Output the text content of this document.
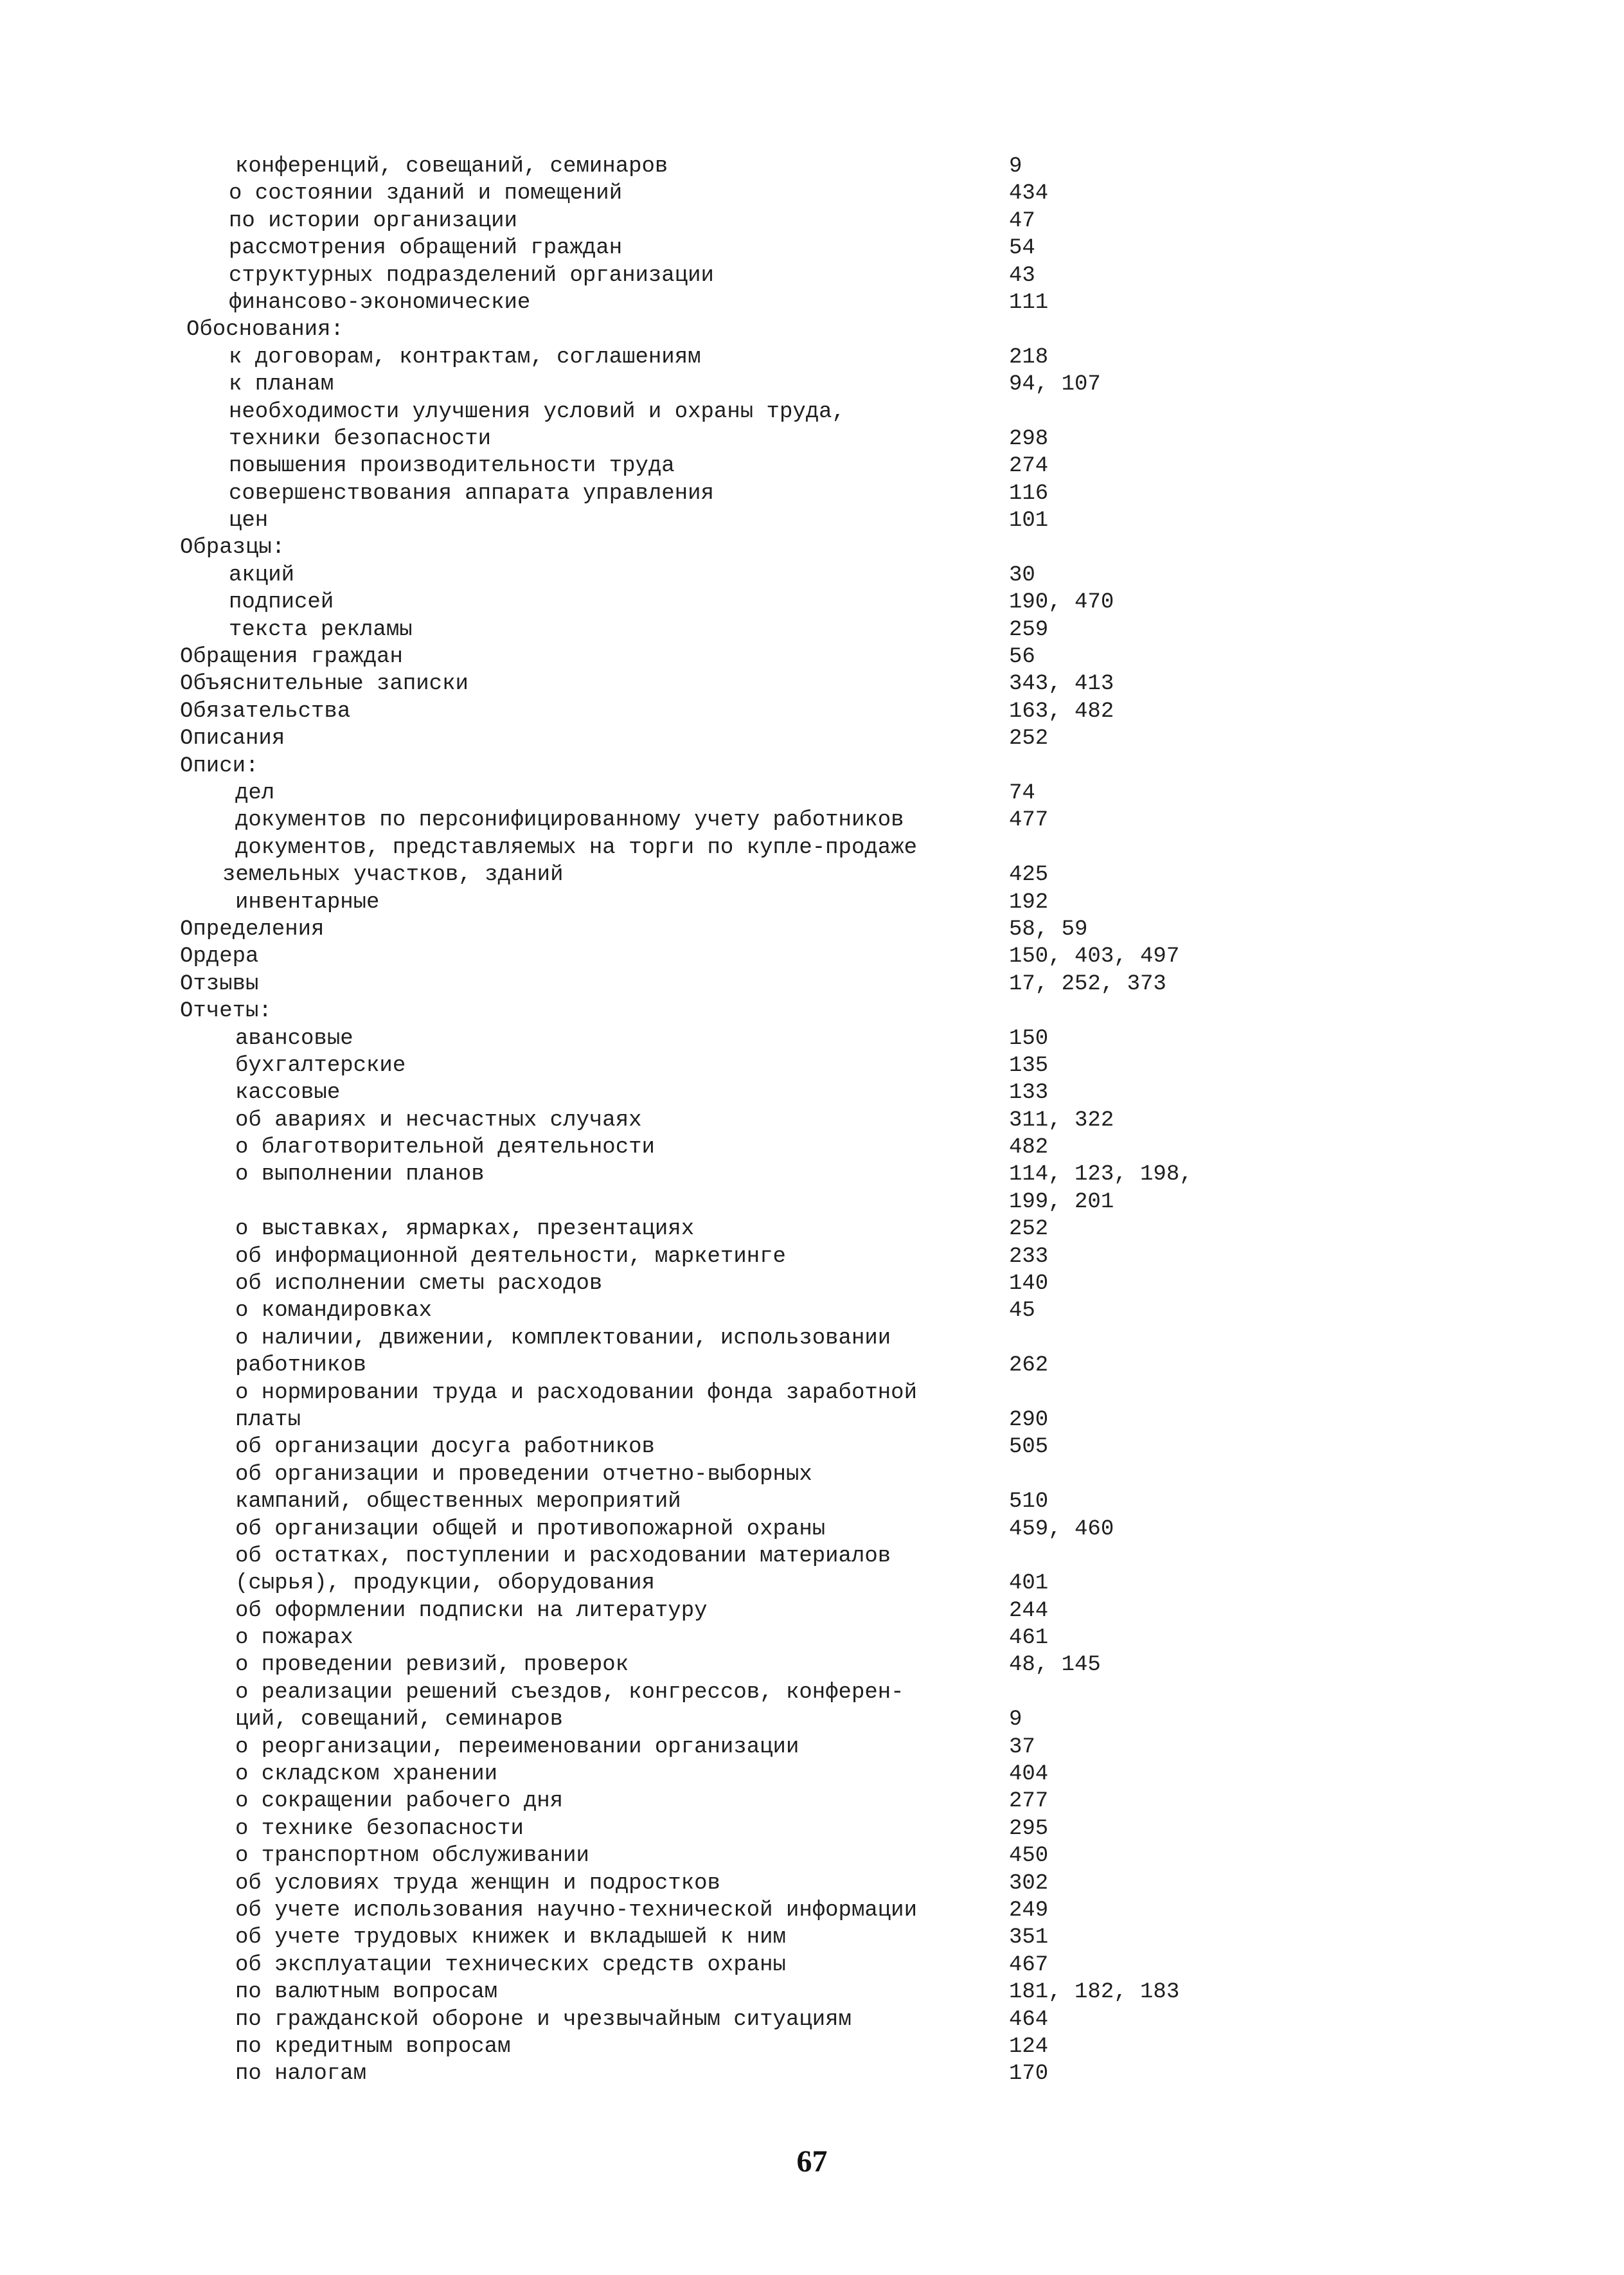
конференций, совещаний, семинаров	9
о состоянии зданий и помещений	434
по истории организации	47
рассмотрения обращений граждан	54
структурных подразделений организации	43
финансово-экономические	111
Обоснования:
к договорам, контрактам, соглашениям	218
к планам	94, 107
необходимости улучшения условий и охраны труда,
техники безопасности	298
повышения производительности труда	274
совершенствования аппарата управления	116
цен	101
Образцы:
акций	30
подписей	190, 470
текста рекламы	259
Обращения граждан	56
Объяснительные записки	343, 413
Обязательства	163, 482
Описания	252
Описи:
дел	74
документов по персонифицированному учету работников	477
документов, представляемых на торги по купле-продаже
земельных участков, зданий	425
инвентарные	192
Определения	58, 59
Ордера	150, 403, 497
Отзывы	17, 252, 373
Отчеты:
авансовые	150
бухгалтерские	135
кассовые	133
об авариях и несчастных случаях	311, 322
о благотворительной деятельности	482
о выполнении планов	114, 123, 198,
199, 201
о выставках, ярмарках, презентациях	252
об информационной деятельности, маркетинге	233
об исполнении сметы расходов	140
о командировках	45
о наличии, движении, комплектовании, использовании
работников	262
о нормировании труда и расходовании фонда заработной
платы	290
об организации досуга работников	505
об организации и проведении отчетно-выборных
кампаний, общественных мероприятий	510
об организации общей и противопожарной охраны	459, 460
об остатках, поступлении и расходовании материалов
(сырья), продукции, оборудования	401
об оформлении подписки на литературу	244
о пожарах	461
о проведении ревизий, проверок	48, 145
о реализации решений съездов, конгрессов, конферен-
ций, совещаний, семинаров	9
о реорганизации, переименовании организации	37
о складском хранении	404
о сокращении рабочего дня	277
о технике безопасности	295
о транспортном обслуживании	450
об условиях труда женщин и подростков	302
об учете использования научно-технической информации	249
об учете трудовых книжек и вкладышей к ним	351
об эксплуатации технических средств охраны	467
по валютным вопросам	181, 182, 183
по гражданской обороне и чрезвычайным ситуациям	464
по кредитным вопросам	124
по налогам	170
67
